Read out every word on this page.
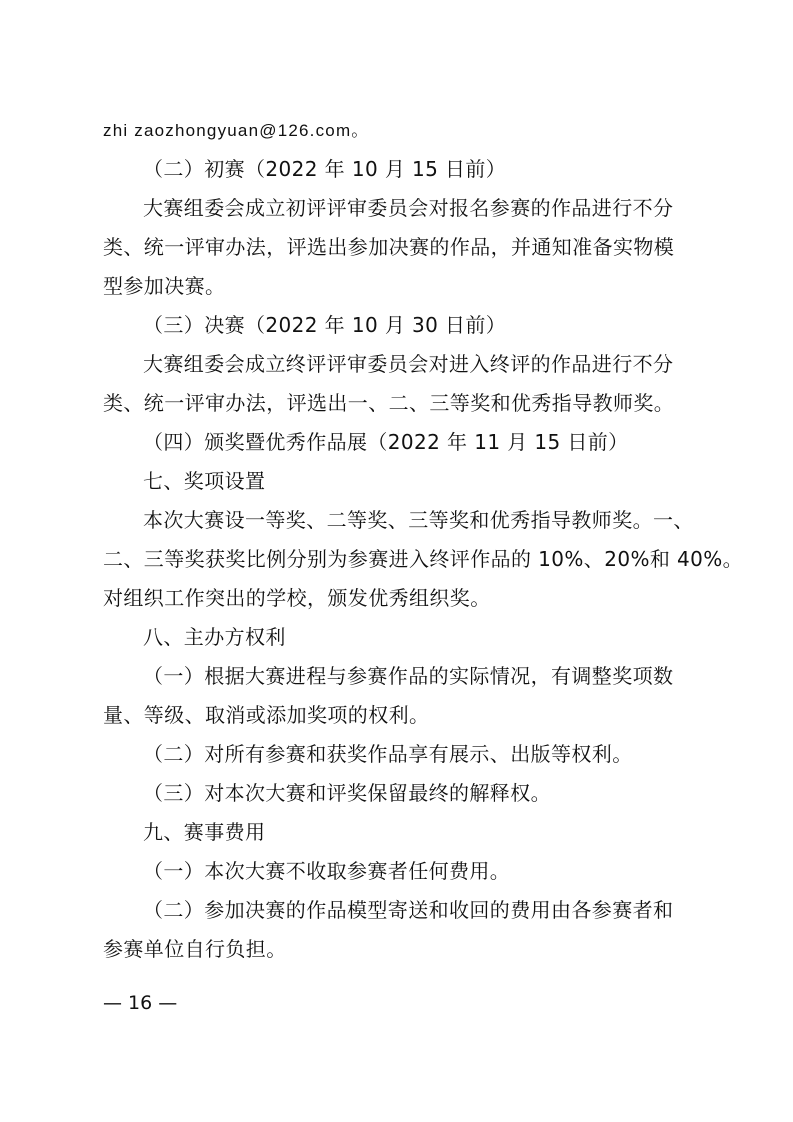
zhi zaozhongyuan@126.com。
（二）初赛（2022 年 10 月 15 日前）
大赛组委会成立初评评审委员会对报名参赛的作品进行不分
类、统一评审办法，评选出参加决赛的作品，并通知准备实物模
型参加决赛。
（三）决赛（2022 年 10 月 30 日前）
大赛组委会成立终评评审委员会对进入终评的作品进行不分
类、统一评审办法，评选出一、二、三等奖和优秀指导教师奖。
（四）颁奖暨优秀作品展（2022 年 11 月 15 日前）
七、奖项设置
本次大赛设一等奖、二等奖、三等奖和优秀指导教师奖。一、
二、三等奖获奖比例分别为参赛进入终评作品的 10%、20%和 40%。
对组织工作突出的学校，颁发优秀组织奖。
八、主办方权利
（一）根据大赛进程与参赛作品的实际情况，有调整奖项数
量、等级、取消或添加奖项的权利。
（二）对所有参赛和获奖作品享有展示、出版等权利。
（三）对本次大赛和评奖保留最终的解释权。
九、赛事费用
（一）本次大赛不收取参赛者任何费用。
（二）参加决赛的作品模型寄送和收回的费用由各参赛者和
参赛单位自行负担。
— 16 —
